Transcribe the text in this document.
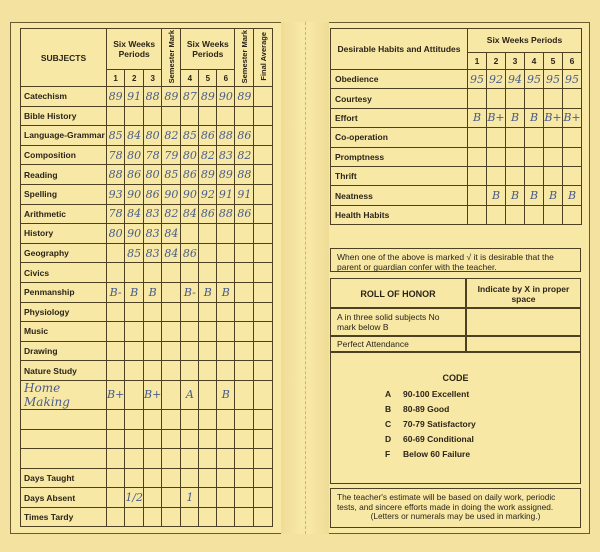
SUBJECTS	Six Weeks Periods			Semester Mark	Six Weeks Periods			Semester Mark	Final Average
	1	2	3		4	5	6		
Catechism	89	91	88	89	87	89	90	89	
Bible History									
Language-Grammar	85	84	80	82	85	86	88	86	
Composition	78	80	78	79	80	82	83	82	
Reading	88	86	80	85	86	89	89	88	
Spelling	93	90	86	90	90	92	91	91	
Arithmetic	78	84	83	82	84	86	88	86	
History	80	90	83	84					
Geography		85	83	84	86				
Civics									
Penmanship	B-	B	B		B-	B	B		
Physiology									
Music									
Drawing									
Nature Study									
Home Making	B+		B+		A		B		

Days Taught									
Days Absent		1/2			1				
Times Tardy									
Desirable Habits and Attitudes	Six Weeks Periods					
	1	2	3	4	5	6
Obedience	95	92	94	95	95	95
Courtesy						
Effort	B	B+	B	B	B+	B+
Co-operation						
Promptness						
Thrift						
Neatness		B	B	B	B	B
Health Habits						
When one of the above is marked √ it is desirable that the parent or guardian confer with the teacher.
ROLL OF HONOR	Indicate by X in proper space
A in three solid subjects No mark below B
Perfect Attendance
CODE
A 90-100 Excellent
B 80-89 Good
C 70-79 Satisfactory
D 60-69 Conditional
F Below 60 Failure
The teacher's estimate will be based on daily work, periodic tests, and sincere efforts made in doing the work assigned.
(Letters or numerals may be used in marking.)
